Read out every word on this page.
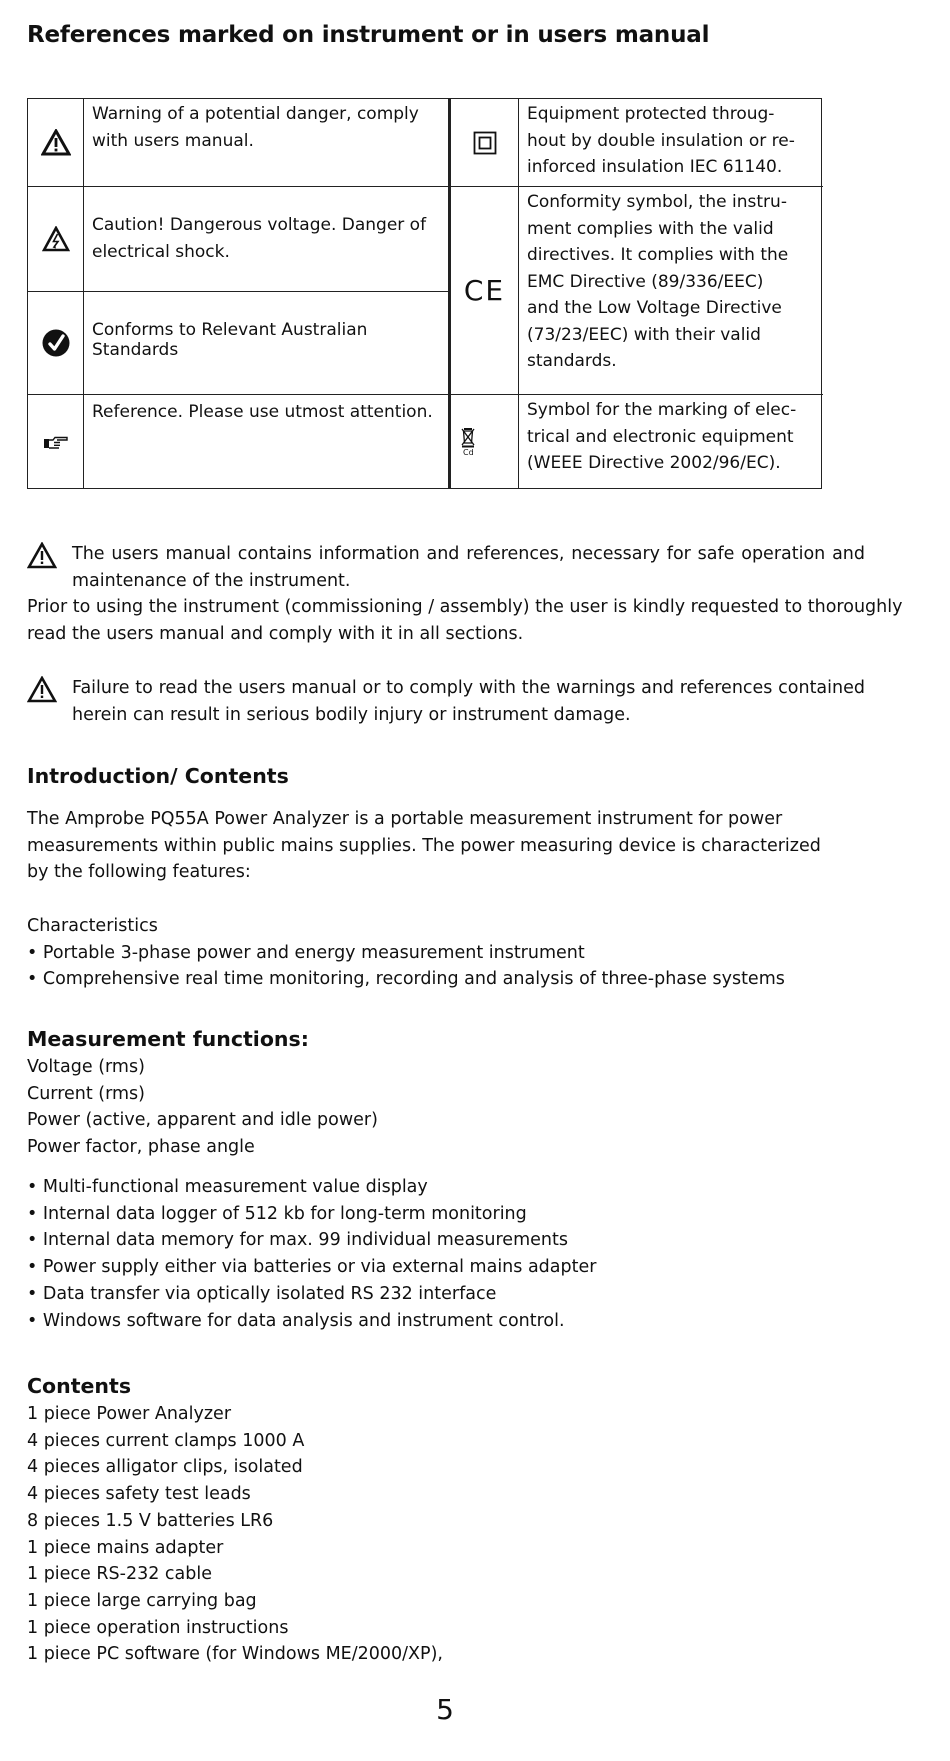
References marked on instrument or in users manual
Warning of a potential danger, comply
with users manual.
Caution! Dangerous voltage. Danger of
electrical shock.
Conforms to Relevant Australian
Standards
Reference. Please use utmost attention.
Equipment protected throug-
hout by double insulation or re-
inforced insulation IEC 61140.
CE
Conformity symbol, the instru-
ment complies with the valid
directives. It complies with the
EMC Directive (89/336/EEC)
and the Low Voltage Directive
(73/23/EEC) with their valid
standards.
Cd
Symbol for the marking of elec-
trical and electronic equipment
(WEEE Directive 2002/96/EC).
The users manual contains information and references, necessary for safe operation and
maintenance of the instrument.
Prior to using the instrument (commissioning / assembly) the user is kindly requested to thoroughly
read the users manual and comply with it in all sections.
Failure to read the users manual or to comply with the warnings and references contained
herein can result in serious bodily injury or instrument damage.
Introduction/ Contents
The Amprobe PQ55A Power Analyzer is a portable measurement instrument for power
measurements within public mains supplies. The power measuring device is characterized
by the following features:
Characteristics
• Portable 3-phase power and energy measurement instrument
• Comprehensive real time monitoring, recording and analysis of three-phase systems
Measurement functions:
Voltage (rms)
Current (rms)
Power (active, apparent and idle power)
Power factor, phase angle
• Multi-functional measurement value display
• Internal data logger of 512 kb for long-term monitoring
• Internal data memory for max. 99 individual measurements
• Power supply either via batteries or via external mains adapter
• Data transfer via optically isolated RS 232 interface
• Windows software for data analysis and instrument control.
Contents
1 piece Power Analyzer
4 pieces current clamps 1000 A
4 pieces alligator clips, isolated
4 pieces safety test leads
8 pieces 1.5 V batteries LR6
1 piece mains adapter
1 piece RS-232 cable
1 piece large carrying bag
1 piece operation instructions
1 piece PC software (for Windows ME/2000/XP),
5
